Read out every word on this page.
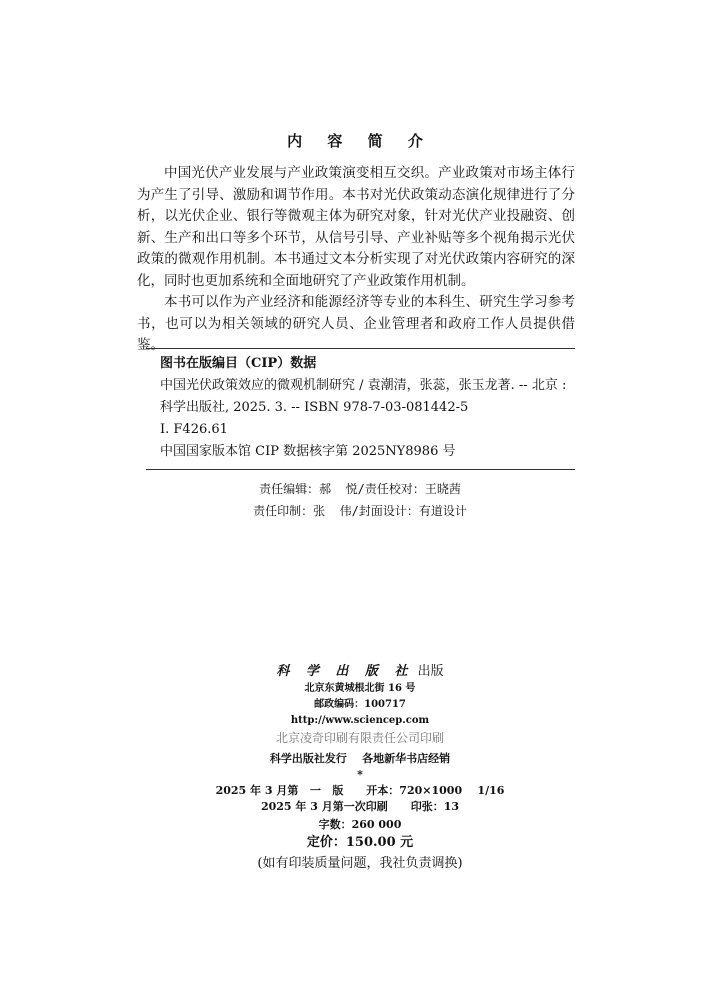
内 容 简 介

中国光伏产业发展与产业政策演变相互交织。产业政策对市场主体行为产生了引导、激励和调节作用。本书对光伏政策动态演化规律进行了分析，以光伏企业、银行等微观主体为研究对象，针对光伏产业投融资、创新、生产和出口等多个环节，从信号引导、产业补贴等多个视角揭示光伏政策的微观作用机制。本书通过文本分析实现了对光伏政策内容研究的深化，同时也更加系统和全面地研究了产业政策作用机制。

本书可以作为产业经济和能源经济等专业的本科生、研究生学习参考书，也可以为相关领域的研究人员、企业管理者和政府工作人员提供借鉴。

图书在版编目（CIP）数据
中国光伏政策效应的微观机制研究 / 袁潮清，张蕊，张玉龙著. -- 北京 : 科学出版社, 2025. 3. -- ISBN 978-7-03-081442-5
Ⅰ. F426.61
中国国家版本馆 CIP 数据核字第 2025NY8986 号
责任编辑：郝  悦/责任校对：王晓茜
责任印制：张  伟/封面设计：有道设计
科 学 出 版 社 出版
北京东黄城根北街 16 号
邮政编码：100717
http://www.sciencep.com
北京凌奇印刷有限责任公司印刷
科学出版社发行    各地新华书店经销
*
2025 年 3 月第   一   版      开本：720×1000    1/16
2025 年 3 月第一次印刷      印张：13
字数：260 000
定价：150.00 元
(如有印装质量问题，我社负责调换)
